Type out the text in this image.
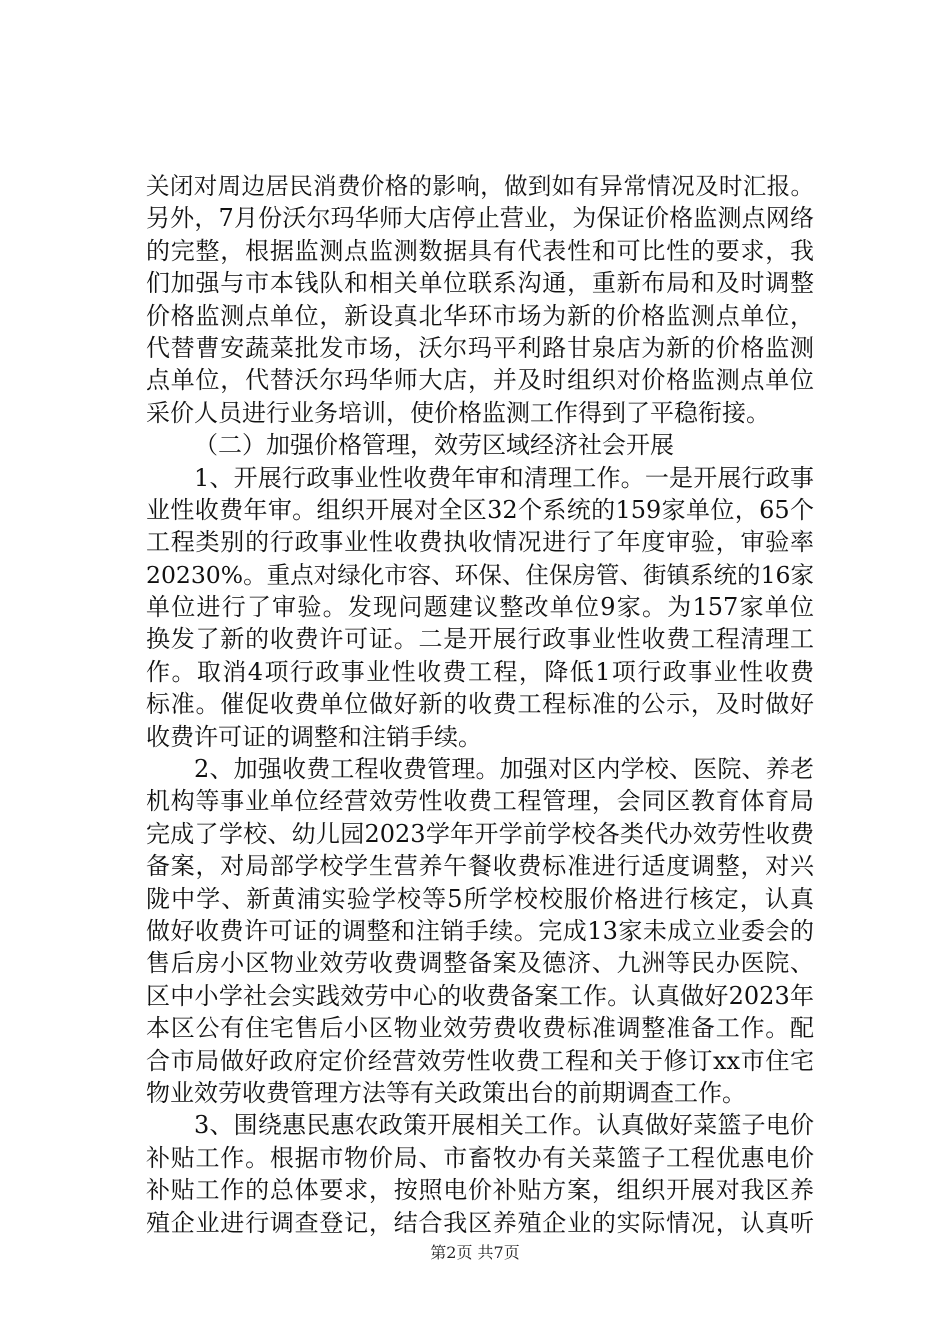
关闭对周边居民消费价格的影响，做到如有异常情况及时汇报。
另外，7月份沃尔玛华师大店停止营业，为保证价格监测点网络
的完整，根据监测点监测数据具有代表性和可比性的要求，我
们加强与市本钱队和相关单位联系沟通，重新布局和及时调整
价格监测点单位，新设真北华环市场为新的价格监测点单位，
代替曹安蔬菜批发市场，沃尔玛平利路甘泉店为新的价格监测
点单位，代替沃尔玛华师大店，并及时组织对价格监测点单位
采价人员进行业务培训，使价格监测工作得到了平稳衔接。
（二）加强价格管理，效劳区域经济社会开展
1、开展行政事业性收费年审和清理工作。一是开展行政事
业性收费年审。组织开展对全区32个系统的159家单位，65个
工程类别的行政事业性收费执收情况进行了年度审验，审验率
20230%。重点对绿化市容、环保、住保房管、街镇系统的16家
单位进行了审验。发现问题建议整改单位9家。为157家单位
换发了新的收费许可证。二是开展行政事业性收费工程清理工
作。取消4项行政事业性收费工程，降低1项行政事业性收费
标准。催促收费单位做好新的收费工程标准的公示，及时做好
收费许可证的调整和注销手续。
2、加强收费工程收费管理。加强对区内学校、医院、养老
机构等事业单位经营效劳性收费工程管理，会同区教育体育局
完成了学校、幼儿园2023学年开学前学校各类代办效劳性收费
备案，对局部学校学生营养午餐收费标准进行适度调整，对兴
陇中学、新黄浦实验学校等5所学校校服价格进行核定，认真
做好收费许可证的调整和注销手续。完成13家未成立业委会的
售后房小区物业效劳收费调整备案及德济、九洲等民办医院、
区中小学社会实践效劳中心的收费备案工作。认真做好2023年
本区公有住宅售后小区物业效劳费收费标准调整准备工作。配
合市局做好政府定价经营效劳性收费工程和关于修订xx市住宅
物业效劳收费管理方法等有关政策出台的前期调查工作。
3、围绕惠民惠农政策开展相关工作。认真做好菜篮子电价
补贴工作。根据市物价局、市畜牧办有关菜篮子工程优惠电价
补贴工作的总体要求，按照电价补贴方案，组织开展对我区养
殖企业进行调查登记，结合我区养殖企业的实际情况，认真听
第2页 共7页
